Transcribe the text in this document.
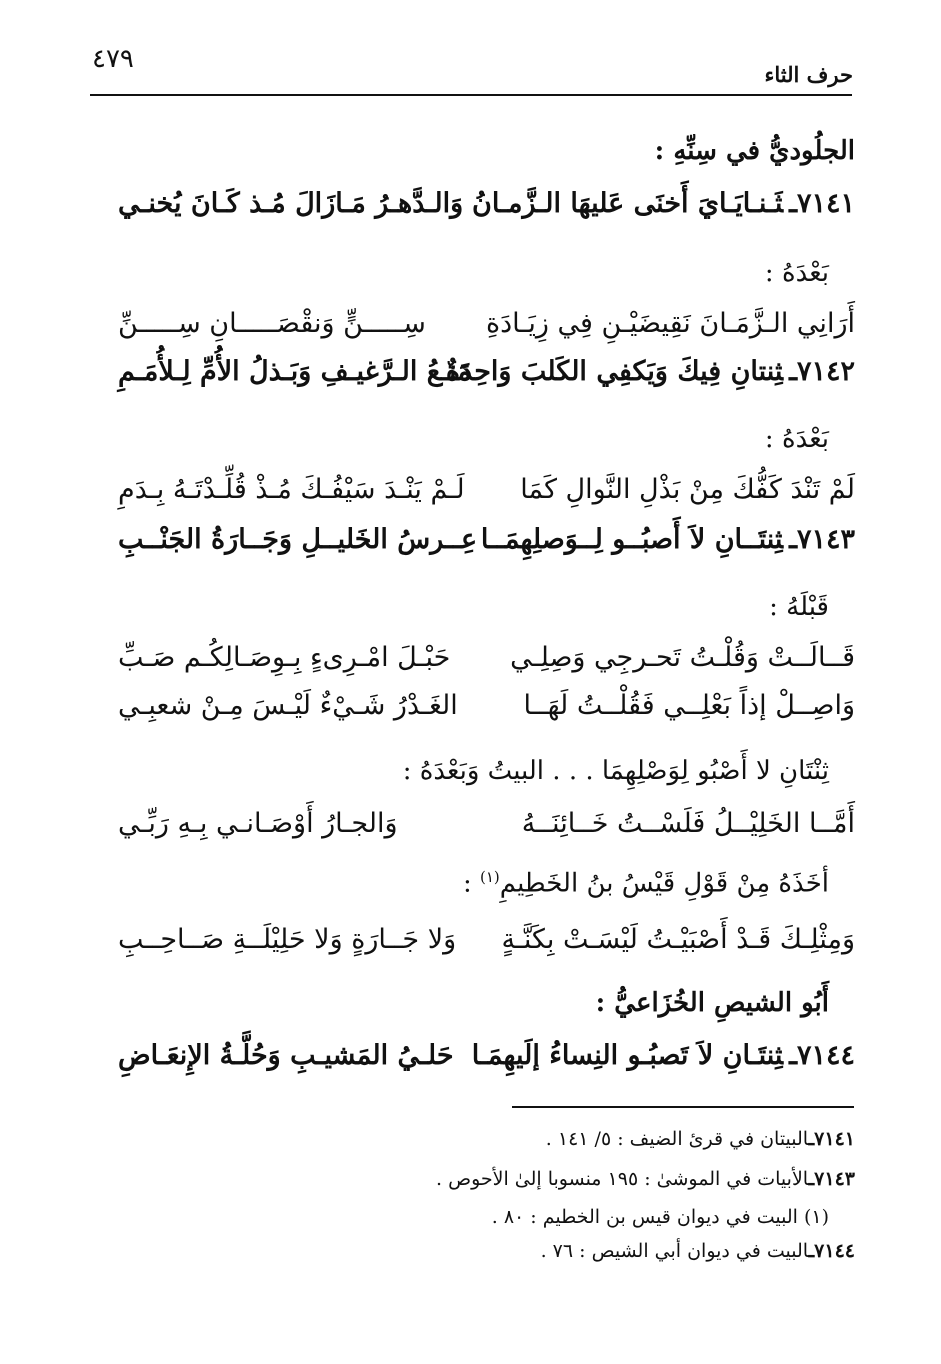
حرف الثاء
٤٧٩
الجلُوديُّ في سِنِّهِ :
٧١٤١ـثَـنـايَـايَ أَخنَى عَليهَا الـزَّمـانُ
وَالـدَّهـرُ مَـازَالَ مُـذ كَـانَ يُخنـي
بَعْدَهُ :
أَرَانِي الـزَّمَـانَ نَقِيضَيْـنِ فِي زِيَـادَةِ
سِـــــنٍّ وَنقْصَـــــانِ سِـــــنِّ
٧١٤٢ـثِنتانِ فِيكَ وَيَكفِي الكَلبَ وَاحِدَةٌ
مَنـعُ الـرَّغيـفِ وَبَـذلُ الأُمِّ لِـلأُمَـمِ
بَعْدَهُ :
لَمْ تَنْدَ كَفُّكَ مِنْ بَذْلِ النَّوالِ كَمَا
لَـمْ يَنْـدَ سَيْفُـكَ مُـذْ قُلِّـدْتَـهُ بِـدَمِ
٧١٤٣ـثِنتَــانِ لاَ أَصبُــو لِــوَصلِهِمَــا
عِــرسُ الخَليــلِ وَجَــارَةُ الجَنْــبِ
قَبْلَهُ :
قَــالَــتْ وَقُلْـتُ تَحـرجِي وَصِلِـي
حَبْـلَ امْـرِىءٍ بِـوِصَـالِكُـم صَـبِّ
وَاصِــلْ إذاً بَعْلِــي فَقُلْــتُ لَهَــا
الغَـدْرُ شَـيْءٌ لَيْـسَ مِـنْ شعبِـي
ثِنْتَانِ لا أَصْبُو لِوَصْلِهِمَا . . . البيتُ وَبَعْدَهُ :
أَمَّــا الخَلِيْــلُ فَلَسْــتُ خَــائِنَــهُ
وَالجـارُ أَوْصَـانـي بِـهِ رَبِّـي
أخَذَهُ مِنْ قَوْلِ قَيْسُ بنُ الخَطِيمِ$^{(١)}$ :
وَمِثْلِـكَ قَـدْ أَصْبَيْـتُ لَيْسَـتْ بِكَنَّـةٍ
وَلا جَــارَةٍ وَلا حَلِيْلَــةِ صَــاحِــبِ
أَبُو الشيصِ الخُزَاعيُّ :
٧١٤٤ـثِنتَـانِ لاَ تَصبُـو النِساءُ إلَيهِمَـا
حَلـيُ المَشيـبِ وَحُلَّـةُ الإِنعَـاضِ
٧١٤١ـالبيتان في قرئ الضيف : ٥/ ١٤١ .
٧١٤٣ـالأبيات في الموشىٰ : ١٩٥ منسوبا إلىٰ الأحوص .
(١) البيت في ديوان قيس بن الخطيم : ٨٠ .
٧١٤٤ـالبيت في ديوان أبي الشيص : ٧٦ .
